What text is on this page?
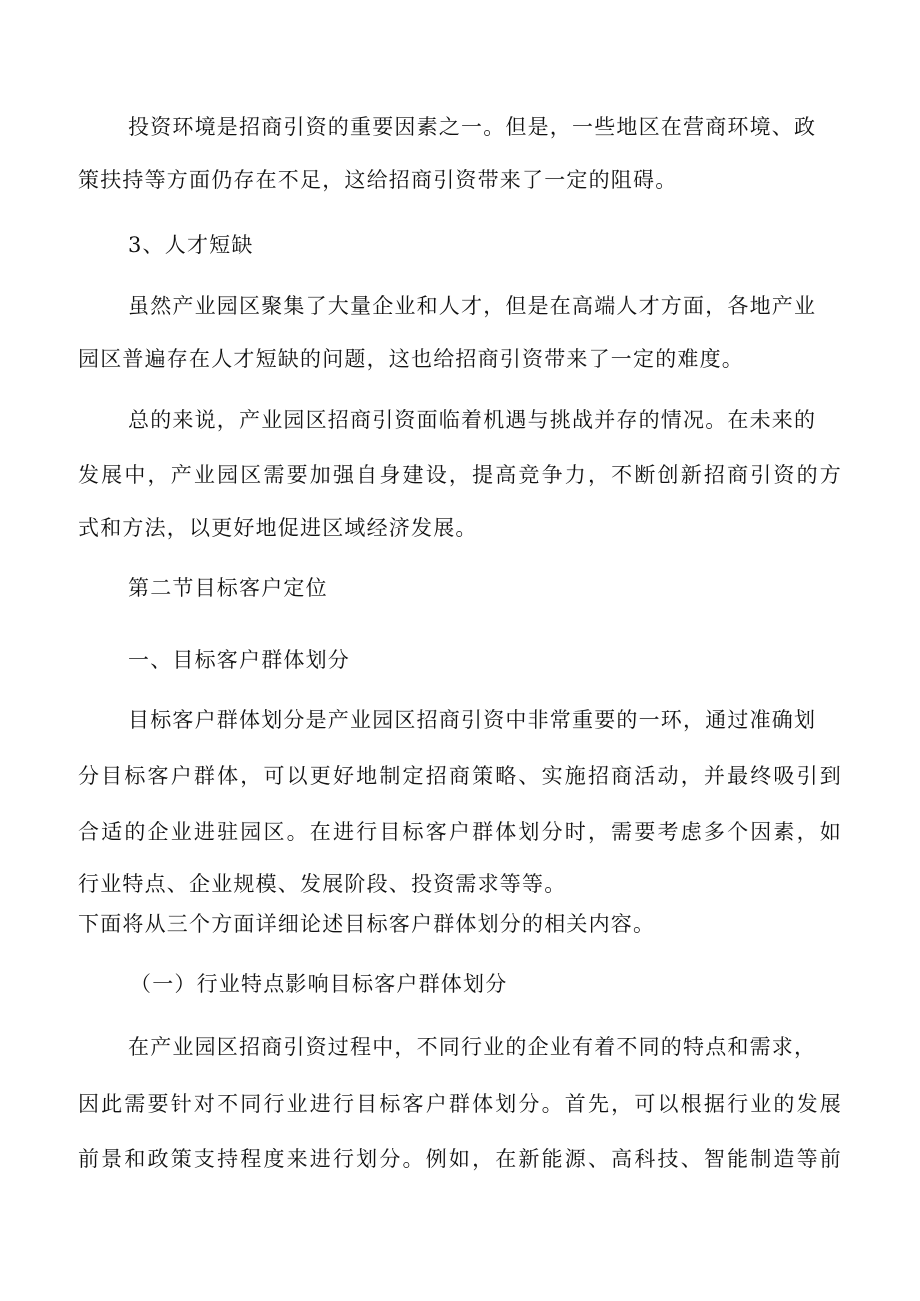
投资环境是招商引资的重要因素之一。但是，一些地区在营商环境、政
策扶持等方面仍存在不足，这给招商引资带来了一定的阻碍。
3、人才短缺
虽然产业园区聚集了大量企业和人才，但是在高端人才方面，各地产业
园区普遍存在人才短缺的问题，这也给招商引资带来了一定的难度。
总的来说，产业园区招商引资面临着机遇与挑战并存的情况。在未来的
发展中，产业园区需要加强自身建设，提高竞争力，不断创新招商引资的方
式和方法，以更好地促进区域经济发展。
第二节目标客户定位
一、目标客户群体划分
目标客户群体划分是产业园区招商引资中非常重要的一环，通过准确划
分目标客户群体，可以更好地制定招商策略、实施招商活动，并最终吸引到
合适的企业进驻园区。在进行目标客户群体划分时，需要考虑多个因素，如
行业特点、企业规模、发展阶段、投资需求等等。
下面将从三个方面详细论述目标客户群体划分的相关内容。
（一）行业特点影响目标客户群体划分
在产业园区招商引资过程中，不同行业的企业有着不同的特点和需求，
因此需要针对不同行业进行目标客户群体划分。首先，可以根据行业的发展
前景和政策支持程度来进行划分。例如，在新能源、高科技、智能制造等前
